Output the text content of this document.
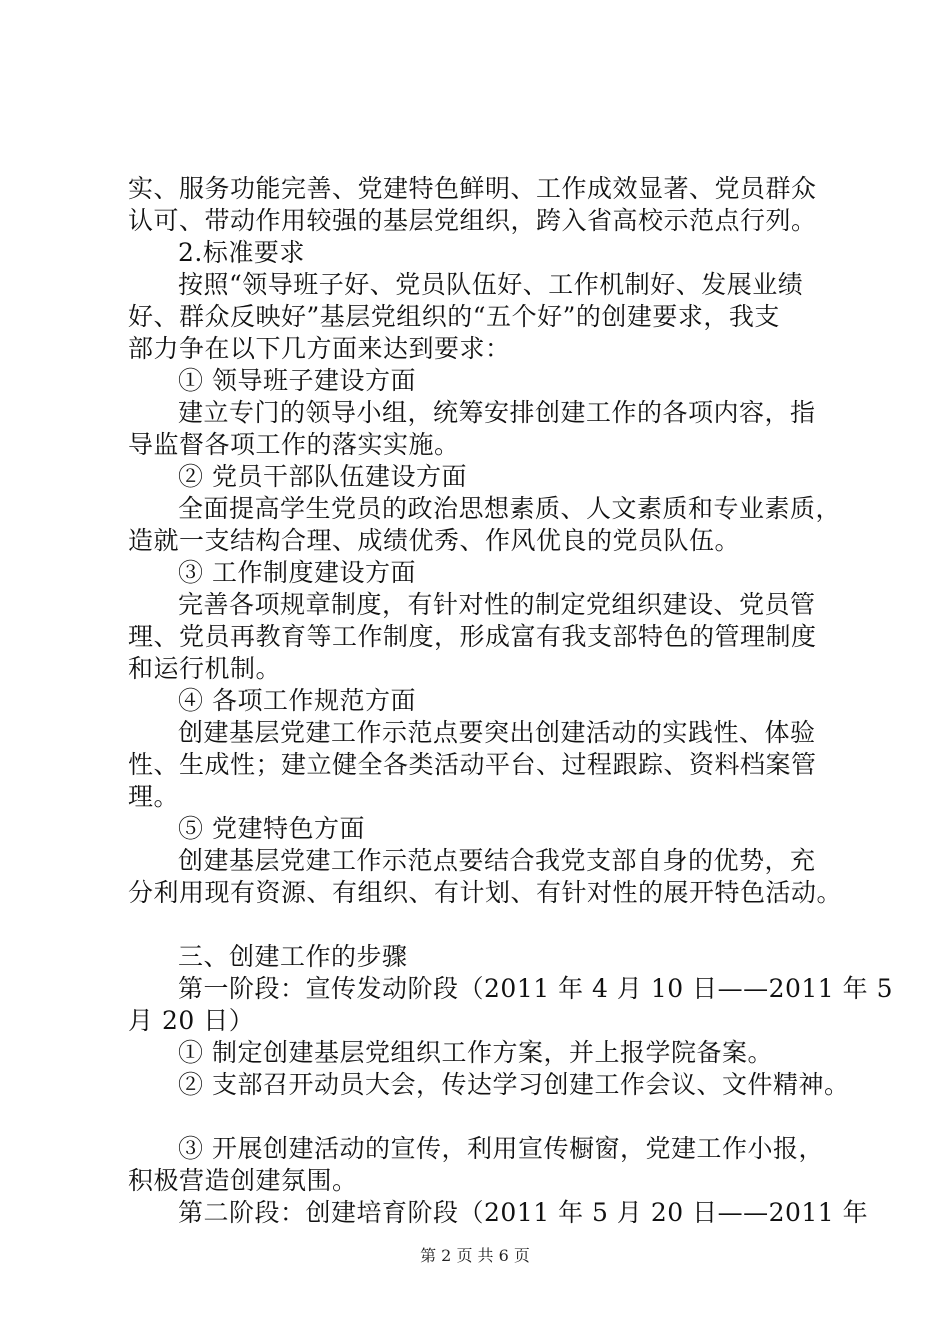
实、服务功能完善、党建特色鲜明、工作成效显著、党员群众
认可、带动作用较强的基层党组织，跨入省高校示范点行列。
2.标准要求
按照“领导班子好、党员队伍好、工作机制好、发展业绩
好、群众反映好”基层党组织的“五个好”的创建要求，我支
部力争在以下几方面来达到要求：
① 领导班子建设方面
建立专门的领导小组，统筹安排创建工作的各项内容，指
导监督各项工作的落实实施。
② 党员干部队伍建设方面
全面提高学生党员的政治思想素质、人文素质和专业素质，
造就一支结构合理、成绩优秀、作风优良的党员队伍。
③ 工作制度建设方面
完善各项规章制度，有针对性的制定党组织建设、党员管
理、党员再教育等工作制度，形成富有我支部特色的管理制度
和运行机制。
④ 各项工作规范方面
创建基层党建工作示范点要突出创建活动的实践性、体验
性、生成性；建立健全各类活动平台、过程跟踪、资料档案管
理。
⑤ 党建特色方面
创建基层党建工作示范点要结合我党支部自身的优势，充
分利用现有资源、有组织、有计划、有针对性的展开特色活动。
三、创建工作的步骤
第一阶段：宣传发动阶段（2011 年 4 月 10 日——2011 年 5
月 20 日）
① 制定创建基层党组织工作方案，并上报学院备案。
② 支部召开动员大会，传达学习创建工作会议、文件精神。
③ 开展创建活动的宣传，利用宣传橱窗，党建工作小报，
积极营造创建氛围。
第二阶段：创建培育阶段（2011 年 5 月 20 日——2011 年
第 2 页 共 6 页
